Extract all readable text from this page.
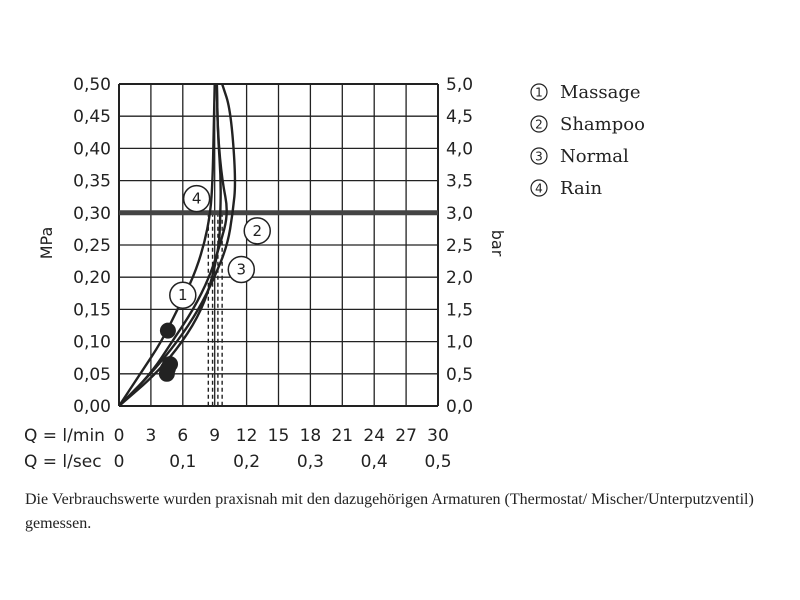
1
2
3
4
0,00
0,05
0,10
0,15
0,20
0,25
0,30
0,35
0,40
0,45
0,50
0,0
0,5
1,0
1,5
2,0
2,5
3,0
3,5
4,0
4,5
5,0
Q = l/min
Q = l/sec
0 3 6 9 12 15 18 21 24 27 30
0	0,1 0,2 0,3 0,4 0,5
MPa	bar
1 Massage
2 Shampoo
3 Normal
4 Rain
Die Verbrauchswerte wurden praxisnah mit den dazugehörigen Armaturen (Thermostat/ Mischer/Unterputzventil) gemessen.
